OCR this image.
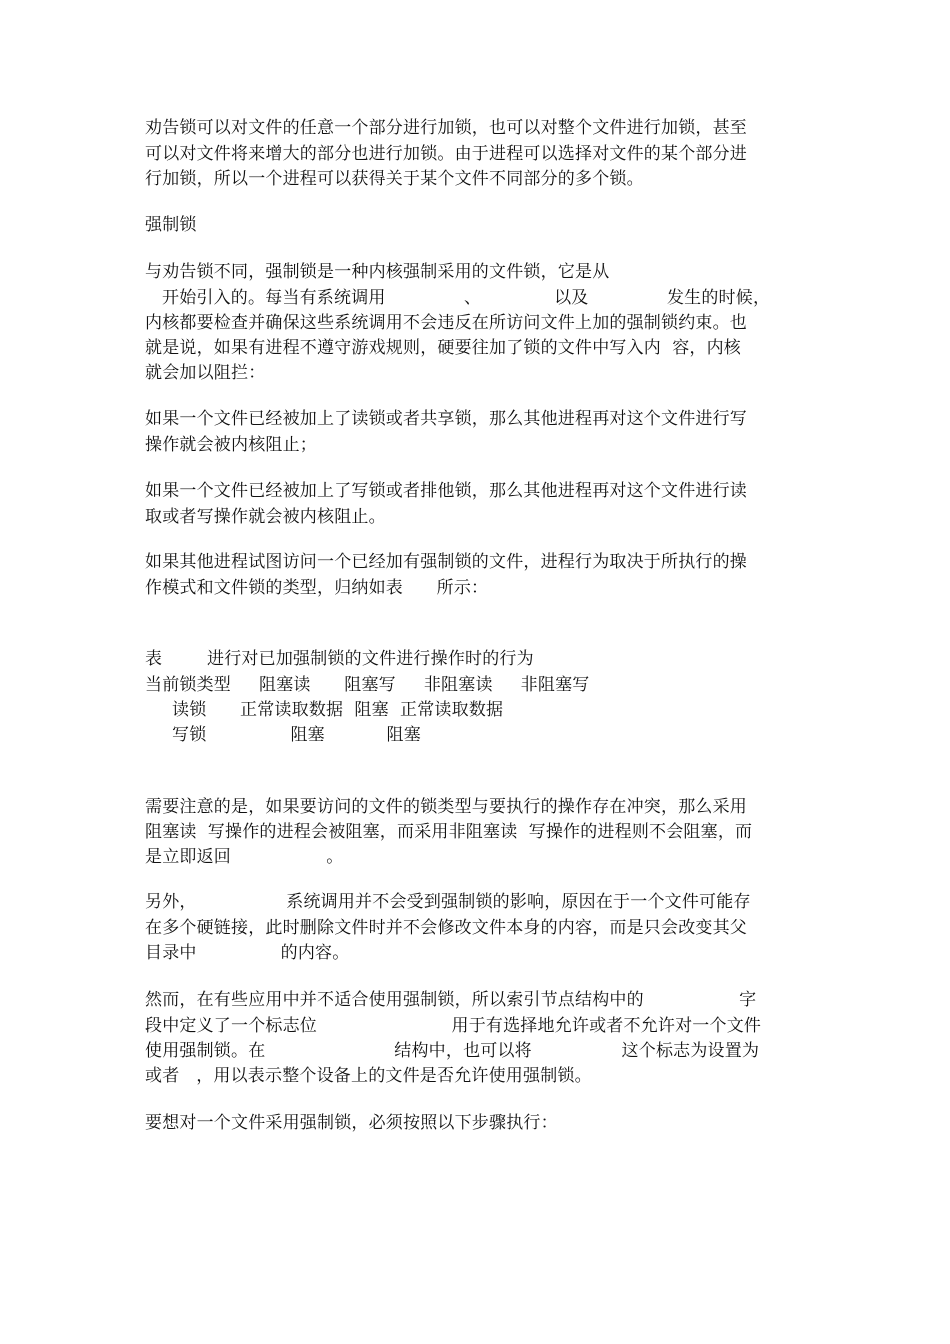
劝告锁可以对文件的任意一个部分进行加锁，也可以对整个文件进行加锁，甚至
可以对文件将来增大的部分也进行加锁。由于进程可以选择对文件的某个部分进
行加锁，所以一个进程可以获得关于某个文件不同部分的多个锁。
强制锁
与劝告锁不同，强制锁是一种内核强制采用的文件锁，它是从
开始引入的。每当有系统调用              、             以及              发生的时候，
内核都要检查并确保这些系统调用不会违反在所访问文件上加的强制锁约束。也
就是说，如果有进程不遵守游戏规则，硬要往加了锁的文件中写入内  容，内核
就会加以阻拦：
如果一个文件已经被加上了读锁或者共享锁，那么其他进程再对这个文件进行写
操作就会被内核阻止；
如果一个文件已经被加上了写锁或者排他锁，那么其他进程再对这个文件进行读
取或者写操作就会被内核阻止。
如果其他进程试图访问一个已经加有强制锁的文件，进程行为取决于所执行的操
作模式和文件锁的类型，归纳如表      所示：
表        进行对已加强制锁的文件进行操作时的行为
当前锁类型     阻塞读      阻塞写     非阻塞读     非阻塞写
读锁      正常读取数据  阻塞  正常读取数据
写锁               阻塞           阻塞
需要注意的是，如果要访问的文件的锁类型与要执行的操作存在冲突，那么采用
阻塞读  写操作的进程会被阻塞，而采用非阻塞读  写操作的进程则不会阻塞，而
是立即返回                 。
另外，                系统调用并不会受到强制锁的影响，原因在于一个文件可能存
在多个硬链接，此时删除文件时并不会修改文件本身的内容，而是只会改变其父
目录中               的内容。
然而，在有些应用中并不适合使用强制锁，所以索引节点结构中的                 字
段中定义了一个标志位                        用于有选择地允许或者不允许对一个文件
使用强制锁。在                       结构中，也可以将                这个标志为设置为
或者   ，用以表示整个设备上的文件是否允许使用强制锁。
要想对一个文件采用强制锁，必须按照以下步骤执行：
